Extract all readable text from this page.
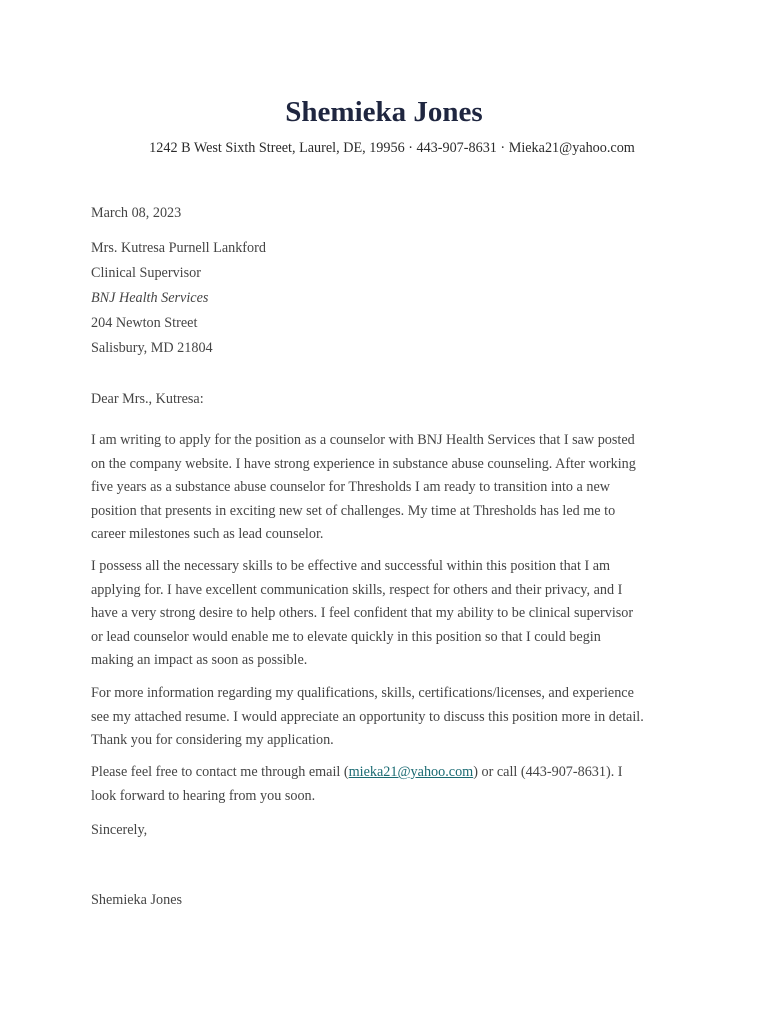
Shemieka Jones
1242 B West Sixth Street, Laurel, DE, 19956 · 443-907-8631 · Mieka21@yahoo.com
March 08, 2023
Mrs. Kutresa Purnell Lankford
Clinical Supervisor
BNJ Health Services
204 Newton Street
Salisbury, MD 21804
Dear Mrs., Kutresa:
I am writing to apply for the position as a counselor with BNJ Health Services that I saw posted
on the company website. I have strong experience in substance abuse counseling. After working
five years as a substance abuse counselor for Thresholds I am ready to transition into a new
position that presents in exciting new set of challenges. My time at Thresholds has led me to
career milestones such as lead counselor.
I possess all the necessary skills to be effective and successful within this position that I am
applying for. I have excellent communication skills, respect for others and their privacy, and I
have a very strong desire to help others. I feel confident that my ability to be clinical supervisor
or lead counselor would enable me to elevate quickly in this position so that I could begin
making an impact as soon as possible.
For more information regarding my qualifications, skills, certifications/licenses, and experience
see my attached resume. I would appreciate an opportunity to discuss this position more in detail.
Thank you for considering my application.
Please feel free to contact me through email (mieka21@yahoo.com) or call (443-907-8631). I
look forward to hearing from you soon.
Sincerely,
Shemieka Jones
